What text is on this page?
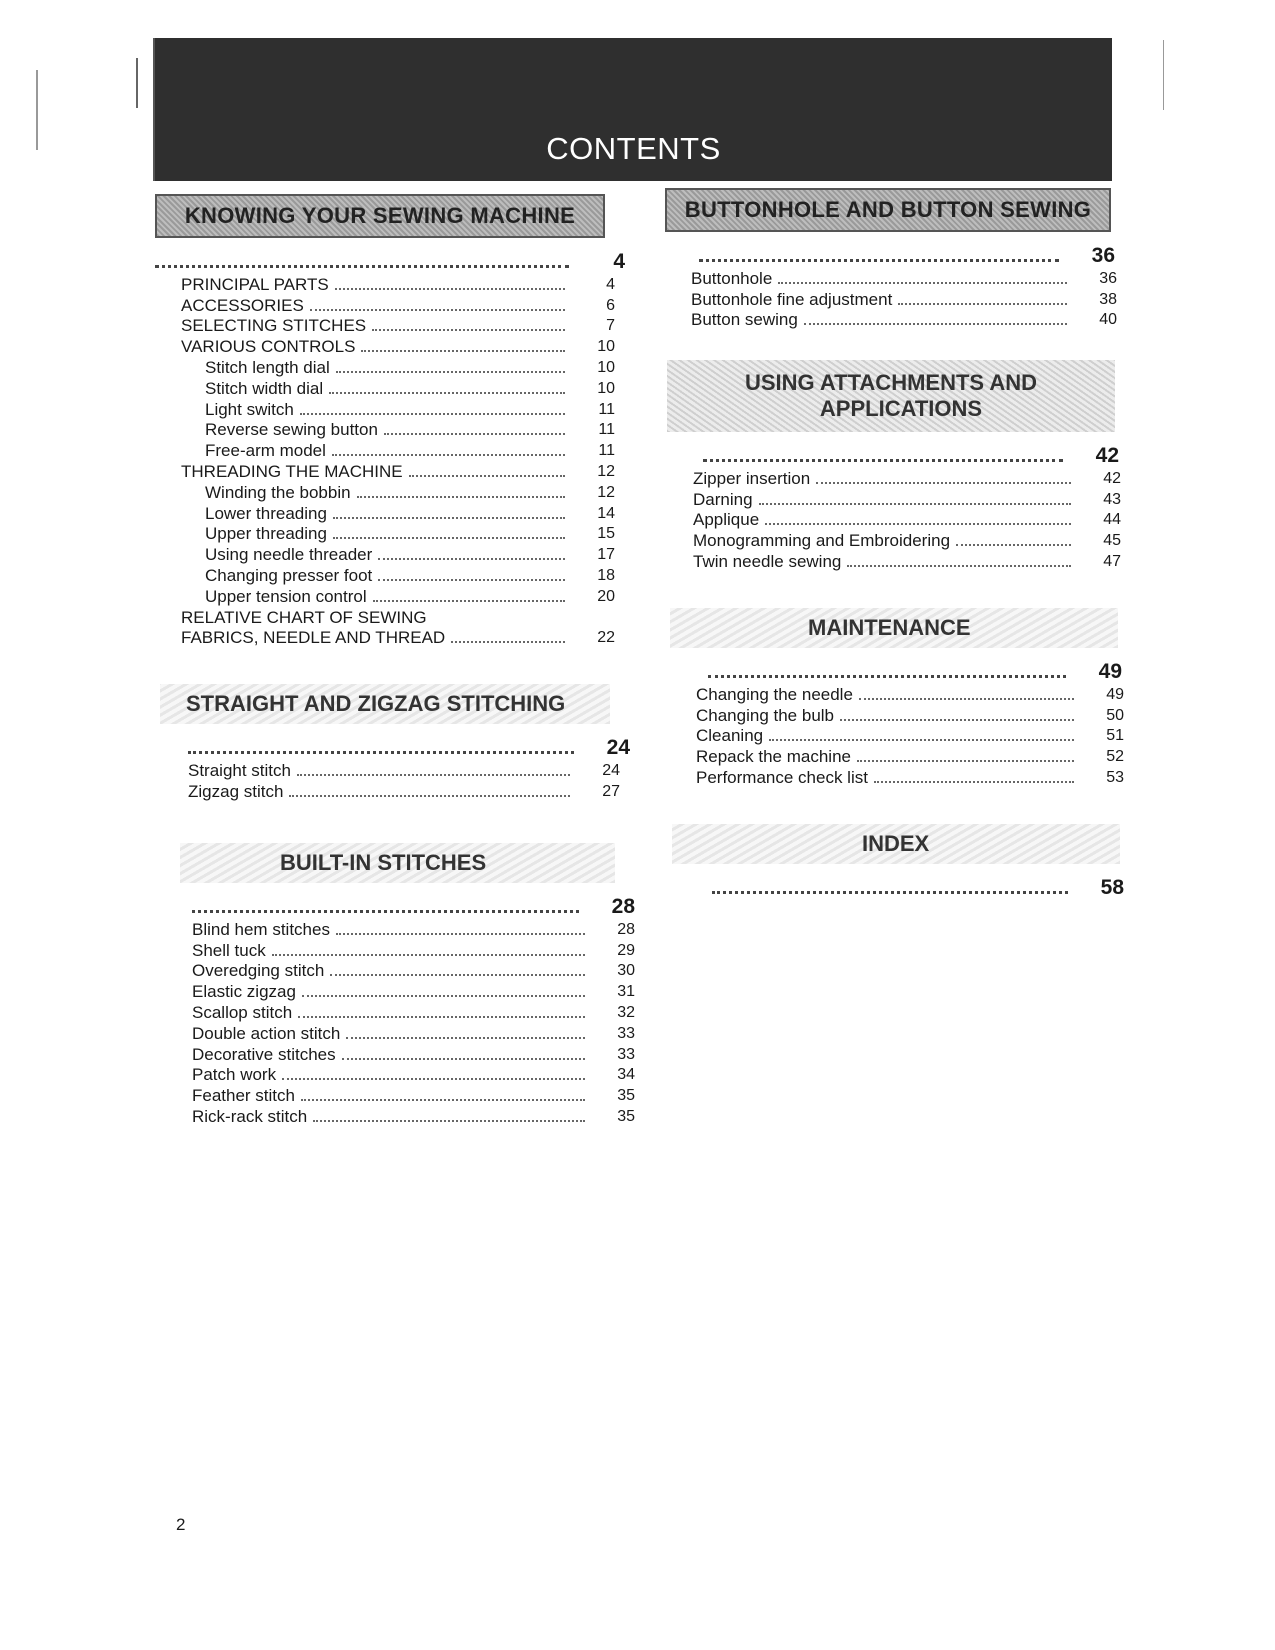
CONTENTS
KNOWING YOUR SEWING MACHINE
4
PRINCIPAL PARTS	4
ACCESSORIES	6
SELECTING STITCHES	7
VARIOUS CONTROLS	10
Stitch length dial	10
Stitch width dial	10
Light switch	11
Reverse sewing button	11
Free-arm model	11
THREADING THE MACHINE	12
Winding the bobbin	12
Lower threading	14
Upper threading	15
Using needle threader	17
Changing presser foot	18
Upper tension control	20
RELATIVE CHART OF SEWING
FABRICS, NEEDLE AND THREAD	22
STRAIGHT AND ZIGZAG STITCHING
24
Straight stitch	24
Zigzag stitch	27
BUILT-IN STITCHES
28
Blind hem stitches	28
Shell tuck	29
Overedging stitch	30
Elastic zigzag	31
Scallop stitch	32
Double action stitch	33
Decorative stitches	33
Patch work	34
Feather stitch	35
Rick-rack stitch	35
BUTTONHOLE AND BUTTON SEWING
36
Buttonhole	36
Buttonhole fine adjustment	38
Button sewing	40
USING ATTACHMENTS AND
APPLICATIONS
42
Zipper insertion	42
Darning	43
Applique	44
Monogramming and Embroidering	45
Twin needle sewing	47
MAINTENANCE
49
Changing the needle	49
Changing the bulb	50
Cleaning	51
Repack the machine	52
Performance check list	53
INDEX
58
2
